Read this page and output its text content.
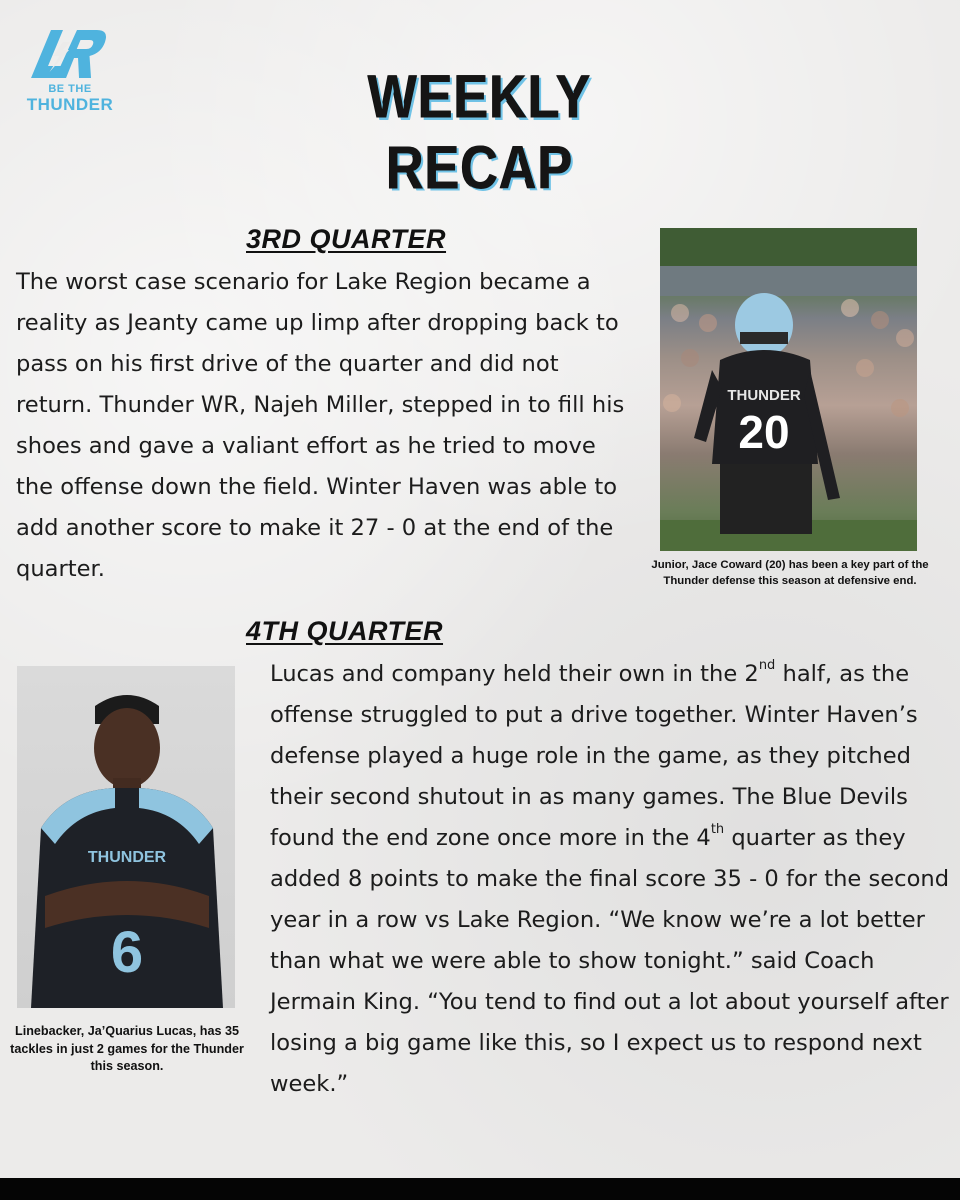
BE THE
THUNDER	WEEKLY RECAP
3RD QUARTER

The worst case scenario for Lake Region became a reality as Jeanty came up limp after dropping back to pass on his first drive of the quarter and did not return. Thunder WR, Najeh Miller, stepped in to fill his shoes and gave a valiant effort as he tried to move the offense down the field. Winter Haven was able to add another score to make it 27 - 0 at the end of the quarter.

THUNDER
20

Junior, Jace Coward (20) has been a key part of the Thunder defense this season at defensive end.

4TH QUARTER

Lucas and company held their own in the 2nd half, as the offense struggled to put a drive together. Winter Haven’s defense played a huge role in the game, as they pitched their second shutout in as many games. The Blue Devils found the end zone once more in the 4th quarter as they added 8 points to make the final score 35 - 0 for the second year in a row vs Lake Region. “We know we’re a lot better than what we were able to show tonight.” said Coach Jermain King. “You tend to find out a lot about yourself after losing a big game like this, so I expect us to respond next week.”

THUNDER
6

Linebacker, Ja’Quarius Lucas, has 35 tackles in just 2 games for the Thunder this season.
